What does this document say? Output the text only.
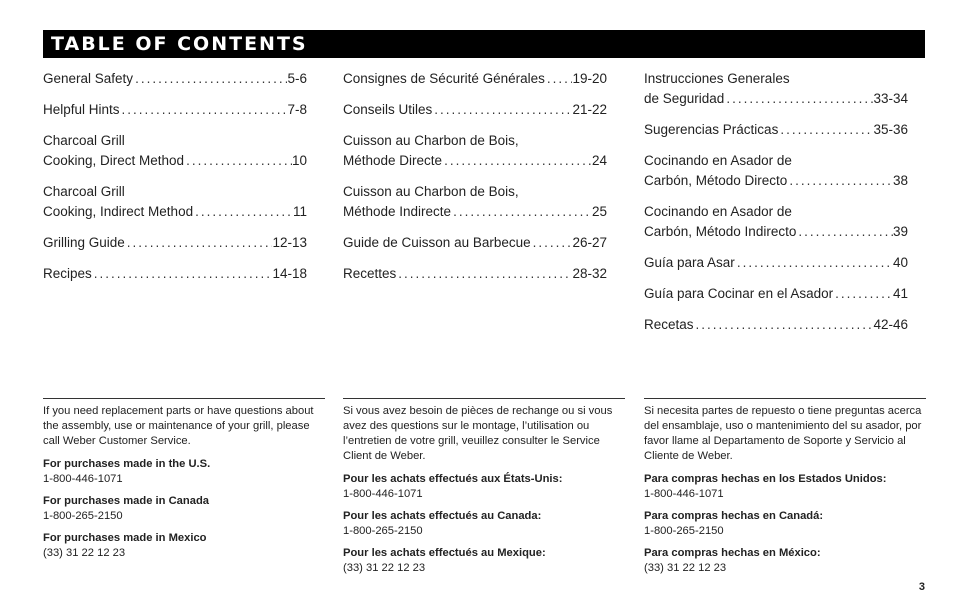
TABLE OF CONTENTS
General Safety .....	5-6
Helpful Hints .....	7-8
Charcoal Grill
Cooking, Direct Method .....	10
Charcoal Grill
Cooking, Indirect Method .....	11
Grilling Guide .....	12-13
Recipes .....	14-18
Consignes de Sécurité Générales ..... 19-20
Conseils Utiles .....	21-22
Cuisson au Charbon de Bois,
Méthode Directe .....	24
Cuisson au Charbon de Bois,
Méthode Indirecte .....	25
Guide de Cuisson au Barbecue .....	26-27
Recettes .....	28-32
Instrucciones Generales
de Seguridad .....	33-34
Sugerencias Prácticas .....	35-36
Cocinando en Asador de
Carbón, Método Directo .....	38
Cocinando en Asador de
Carbón, Método Indirecto .....	39
Guía para Asar .....	40
Guía para Cocinar en el Asador .....	41
Recetas .....	42-46

If you need replacement parts or have questions about the assembly, use or maintenance of your grill, please call Weber Customer Service.

For purchases made in the U.S.
1-800-446-1071
For purchases made in Canada
1-800-265-2150
For purchases made in Mexico
(33) 31 22 12 23

Si vous avez besoin de pièces de rechange ou si vous avez des questions sur le montage, l’utilisation ou l’entretien de votre grill, veuillez consulter le Service Client de Weber.

Pour les achats effectués aux États-Unis:
1-800-446-1071
Pour les achats effectués au Canada:
1-800-265-2150
Pour les achats effectués au Mexique:
(33) 31 22 12 23

Si necesita partes de repuesto o tiene preguntas acerca del ensamblaje, uso o mantenimiento del su asador, por favor llame al Departamento de Soporte y Servicio al Cliente de Weber.

Para compras hechas en los Estados Unidos:
1-800-446-1071
Para compras hechas en Canadá:
1-800-265-2150
Para compras hechas en México:
(33) 31 22 12 23
3
